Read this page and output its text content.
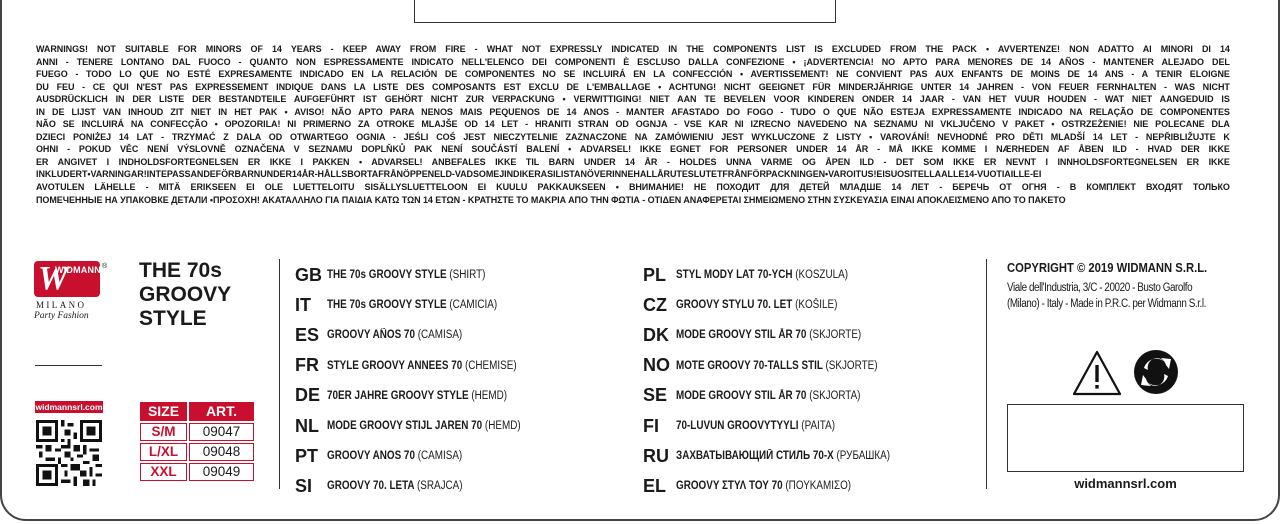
WARNINGS! NOT SUITABLE FOR MINORS OF 14 YEARS - KEEP AWAY FROM FIRE - WHAT NOT EXPRESSLY INDICATED IN THE COMPONENTS LIST IS EXCLUDED FROM THE PACK • AVVERTENZE! NON ADATTO AI MINORI DI 14

ANNI - TENERE LONTANO DAL FUOCO - QUANTO NON ESPRESSAMENTE INDICATO NELL'ELENCO DEI COMPONENTI È ESCLUSO DALLA CONFEZIONE • ¡ADVERTENCIA! NO APTO PARA MENORES DE 14 AÑOS - MANTENER ALEJADO DEL

FUEGO - TODO LO QUE NO ESTÉ EXPRESAMENTE INDICADO EN LA RELACIÓN DE COMPONENTES NO SE INCLUIRÁ EN LA CONFECCIÓN • AVERTISSEMENT! NE CONVIENT PAS AUX ENFANTS DE MOINS DE 14 ANS - A TENIR ELOIGNE

DU FEU - CE QUI N'EST PAS EXPRESSEMENT INDIQUE DANS LA LISTE DES COMPOSANTS EST EXCLU DE L'EMBALLAGE • ACHTUNG! NICHT GEEIGNET FÜR MINDERJÄHRIGE UNTER 14 JAHREN - VON FEUER FERNHALTEN - WAS NICHT

AUSDRÜCKLICH IN DER LISTE DER BESTANDTEILE AUFGEFÜHRT IST GEHÖRT NICHT ZUR VERPACKUNG • VERWITTIGING! NIET AAN TE BEVELEN VOOR KINDEREN ONDER 14 JAAR - VAN HET VUUR HOUDEN - WAT NIET AANGEDUID IS

IN DE LIJST VAN INHOUD ZIT NIET IN HET PAK • AVISO! NÃO APTO PARA NENOS MAIS PEQUENOS DE 14 ANOS - MANTER AFASTADO DO FOGO - TUDO O QUE NÃO ESTEJA EXPRESSAMENTE INDICADO NA RELAÇÃO DE COMPONENTES

NÃO SE INCLUIRÁ NA CONFECÇÃO • OPOZORILA! NI PRIMERNO ZA OTROKE MLAJŠE OD 14 LET - HRANITI STRAN OD OGNJA - VSE KAR NI IZRECNO NAVEDENO NA SEZNAMU NI VKLJUČENO V PAKET • OSTRZEŻENIE! NIE POLECANE DLA

DZIECI PONIŻEJ 14 LAT - TRZYMAĆ Z DALA OD OTWARTEGO OGNIA - JEŚLI COŚ JEST NIECZYTELNIE ZAZNACZONE NA ZAMÓWIENIU JEST WYKLUCZONE Z LISTY • VAROVÁNÍ! NEVHODNÉ PRO DĚTI MLADŠÍ 14 LET - NEPŘIBLIŽUJTE K

OHNI - POKUD VĚC NENÍ VÝSLOVNĚ OZNAČENA V SEZNAMU DOPLŇKŮ PAK NENÍ SOUČÁSTÍ BALENÍ • ADVARSEL! IKKE EGNET FOR PERSONER UNDER 14 ÅR - MÅ IKKE KOMME I NÆRHEDEN AF ÅBEN ILD - HVAD DER IKKE

ER ANGIVET I INDHOLDSFORTEGNELSEN ER IKKE I PAKKEN • ADVARSEL! ANBEFALES IKKE TIL BARN UNDER 14 ÅR - HOLDES UNNA VARME OG ÅPEN ILD - DET SOM IKKE ER NEVNT I INNHOLDSFORTEGNELSEN ER IKKE

INKLUDERT•VARNINGAR!INTEPASSANDEFÖRBARNUNDER14ÅR-HÅLLSBORTAFRÅNÖPPENELD-VADSOMEJINDIKERASILISTANÖVERINNEHALLÅRUTESLUTETFRÅNFÖRPACKNINGEN•VAROITUS!EISUOSITELLAALLE14-VUOTIAILLE-EI

AVOTULEN LÄHELLE - MITÄ ERIKSEEN EI OLE LUETTELOITU SISÄLLYSLUETTELOON EI KUULU PAKKAUKSEEN • ВНИМАНИЕ! НЕ ПОХОДИТ ДЛЯ ДЕТЕЙ МЛАДШЕ 14 ЛЕТ - БЕРЕЧЬ ОТ ОГНЯ - В КОМПЛЕКТ ВХОДЯТ ТОЛЬКО

ПОМЕЧЕННЫЕ НА УПАКОВКЕ ДЕТАЛИ •ΠΡΟΣΟΧΗ! ΑΚΑΤΑΛΛΗΛΟ ΓΙΑ ΠΑΙΔΙΑ ΚΑΤΩ ΤΩΝ 14 ΕΤΩΝ - ΚΡΑΤΗΣΤΕ ΤΟ ΜΑΚΡΙΑ ΑΠΟ ΤΗΝ ΦΩΤΙΑ - ΟΤΙΔΕΝ ΑΝΑΦΕΡΕΤΑΙ ΣΗΜΕΙΩΜΕΝΟ ΣΤΗΝ ΣΥΣΚΕΥΑΣΙΑ ΕΙΝΑΙ ΑΠΟΚΛΕΙΣΜΕΝΟ ΑΠΟ ΤΟ ΠΑΚΕΤΟ

W
WIDMANN ®
MILANO
Party Fashion
THE 70s
GROOVY
STYLE
widmannsrl.com	SIZE	ART.
S/M	09047
L/XL	09048
XXL	09049
GB THE 70s GROOVY STYLE (SHIRT)
IT	THE 70s GROOVY STYLE (CAMICIA)
ES GROOVY AÑOS 70 (CAMISA)
FR STYLE GROOVY ANNEES 70 (CHEMISE)
DE 70ER JAHRE GROOVY STYLE (HEMD)
NL MODE GROOVY STIJL JAREN 70 (HEMD)
PT GROOVY ANOS 70 (CAMISA)
SI	GROOVY 70. LETA (SRAJCA)
PL STYL MODY LAT 70-YCH (KOSZULA)
CZ GROOVY STYLU 70. LET (KOŠILE)
DK MODE GROOVY STIL ÅR 70 (SKJORTE)
NO MOTE GROOVY 70-TALLS STIL (SKJORTE)
SE MODE GROOVY STIL ÅR 70 (SKJORTA)
FI	70-LUVUN GROOVYTYYLI (PAITA)
RU ЗАХВАТЫВАЮЩИЙ СТИЛЬ 70-Х (РУБАШКА)
EL GROOVY ΣΤΥΛ ΤΟΥ 70 (ΠΟΥΚΑΜΙΣΟ)
COPYRIGHT © 2019 WIDMANN S.R.L.
Viale dell'Industria, 3/C - 20020 - Busto Garolfo
(Milano) - Italy - Made in P.R.C. per Widmann S.r.l.
widmannsrl.com
